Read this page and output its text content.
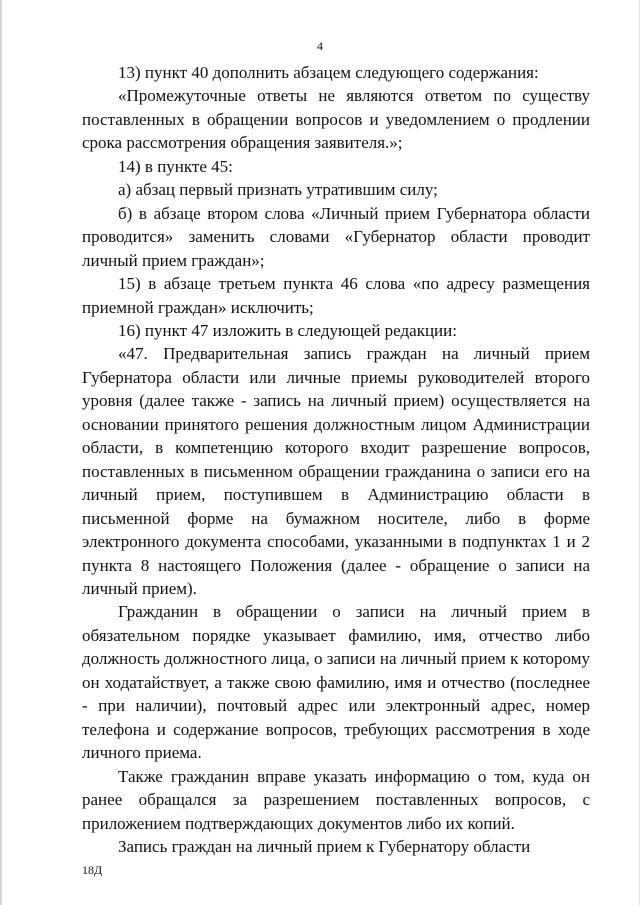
4

13) пункт 40 дополнить абзацем следующего содержания:

«Промежуточные ответы не являются ответом по существу поставленных в обращении вопросов и уведомлением о продлении срока рассмотрения обращения заявителя.»;

14) в пункте 45:

а) абзац первый признать утратившим силу;

б) в абзаце втором слова «Личный прием Губернатора области проводится» заменить словами «Губернатор области проводит личный прием граждан»;

15) в абзаце третьем пункта 46 слова «по адресу размещения приемной граждан» исключить;

16) пункт 47 изложить в следующей редакции:

«47. Предварительная запись граждан на личный прием Губернатора области или личные приемы руководителей второго уровня (далее также - запись на личный прием) осуществляется на основании принятого решения должностным лицом Администрации области, в компетенцию которого входит разрешение вопросов, поставленных в письменном обращении гражданина о записи его на личный прием, поступившем в Администрацию области в письменной форме на бумажном носителе, либо в форме электронного документа способами, указанными в подпунктах 1 и 2 пункта 8 настоящего Положения (далее - обращение о записи на личный прием).

Гражданин в обращении о записи на личный прием в обязательном порядке указывает фамилию, имя, отчество либо должность должностного лица, о записи на личный прием к которому он ходатайствует, а также свою фамилию, имя и отчество (последнее - при наличии), почтовый адрес или электронный адрес, номер телефона и содержание вопросов, требующих рассмотрения в ходе личного приема.

Также гражданин вправе указать информацию о том, куда он ранее обращался за разрешением поставленных вопросов, с приложением подтверждающих документов либо их копий.

Запись граждан на личный прием к Губернатору области

18Д
